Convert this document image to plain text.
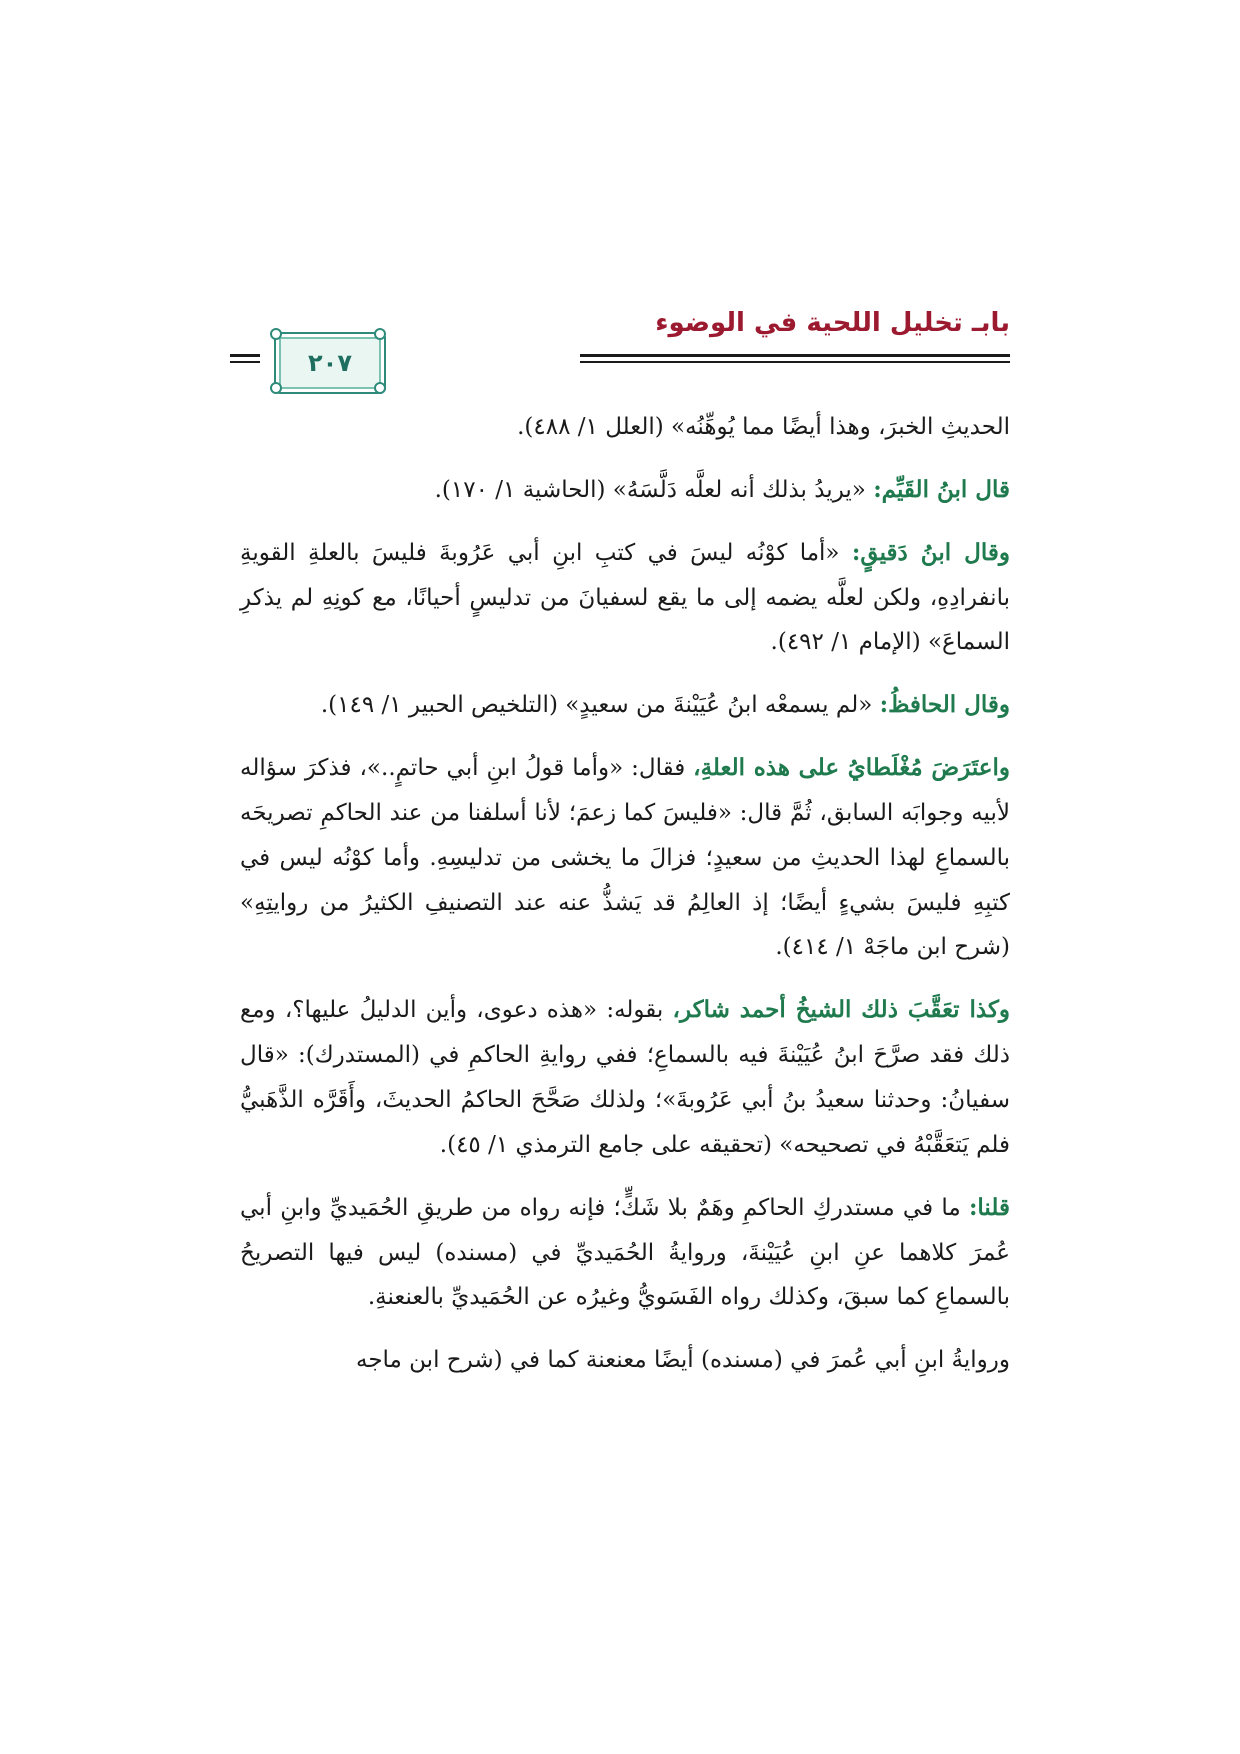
بابـ تخليل اللحية في الوضوء
٢٠٧

الحديثِ الخبرَ، وهذا أيضًا مما يُوهِّنُه» (العلل ١/ ٤٨٨).

قال ابنُ القَيِّم: «يريدُ بذلك أنه لعلَّه دَلَّسَهُ» (الحاشية ١/ ١٧٠).

وقال ابنُ دَقيقٍ: «أما كوْنُه ليسَ في كتبِ ابنِ أبي عَرُوبةَ فليسَ بالعلةِ القويةِ بانفرادِهِ، ولكن لعلَّه يضمه إلى ما يقع لسفيانَ من تدليسٍ أحيانًا، مع كونِهِ لم يذكرِ السماعَ» (الإمام ١/ ٤٩٢).

وقال الحافظُ: «لم يسمعْه ابنُ عُيَيْنةَ من سعيدٍ» (التلخيص الحبير ١/ ١٤٩).

واعتَرَضَ مُغْلَطايُ على هذه العلةِ، فقال: «وأما قولُ ابنِ أبي حاتمٍ..»، فذكرَ سؤاله لأبيه وجوابَه السابق، ثُمَّ قال: «فليسَ كما زعمَ؛ لأنا أسلفنا من عند الحاكمِ تصريحَه بالسماعِ لهذا الحديثِ من سعيدٍ؛ فزالَ ما يخشى من تدليسِهِ. وأما كوْنُه ليس في كتبِهِ فليسَ بشيءٍ أيضًا؛ إذ العالِمُ قد يَشذُّ عنه عند التصنيفِ الكثيرُ من روايتِهِ» (شرح ابن ماجَهْ ١/ ٤١٤).

وكذا تعَقَّبَ ذلك الشيخُ أحمد شاكر، بقوله: «هذه دعوى، وأين الدليلُ عليها؟، ومع ذلك فقد صرَّحَ ابنُ عُيَيْنةَ فيه بالسماعِ؛ ففي روايةِ الحاكمِ في (المستدرك): «قال سفيانُ: وحدثنا سعيدُ بنُ أبي عَرُوبةَ»؛ ولذلك صَحَّحَ الحاكمُ الحديثَ، وأَقَرَّه الذَّهَبيُّ فلم يَتعَقَّبْهُ في تصحيحه» (تحقيقه على جامع الترمذي ١/ ٤٥).

قلنا: ما في مستدركِ الحاكمِ وهَمٌ بلا شَكٍّ؛ فإنه رواه من طريقِ الحُمَيديِّ وابنِ أبي عُمرَ كلاهما عنِ ابنِ عُيَيْنةَ، وروايةُ الحُمَيديِّ في (مسنده) ليس فيها التصريحُ بالسماعِ كما سبقَ، وكذلك رواه الفَسَويُّ وغيرُه عن الحُمَيديِّ بالعنعنةِ.

وروايةُ ابنِ أبي عُمرَ في (مسنده) أيضًا معنعنة كما في (شرح ابن ماجه
